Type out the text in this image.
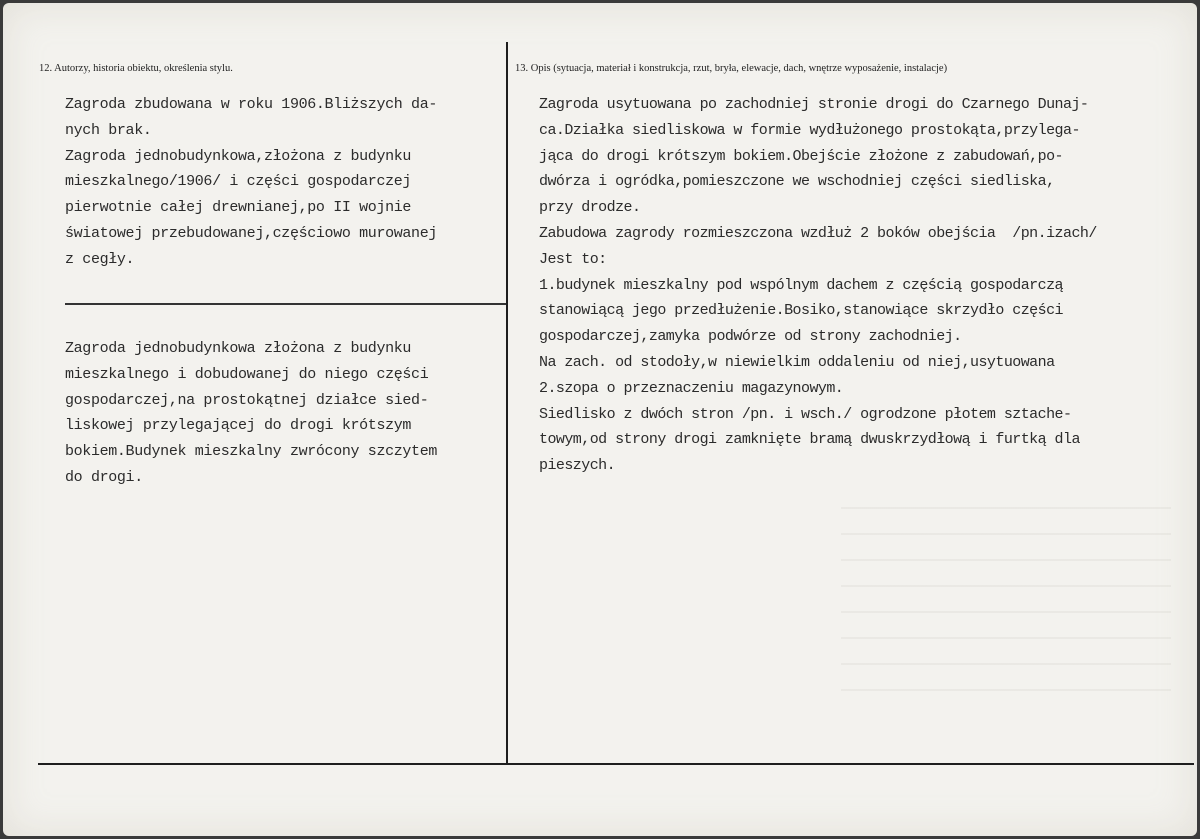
12. Autorzy, historia obiektu, określenia stylu.	13. Opis (sytuacja, materiał i konstrukcja, rzut, bryła, elewacje, dach, wnętrze wyposażenie, instalacje)
Zagroda zbudowana w roku 1906.Bliższych da-
nych brak.
Zagroda jednobudynkowa,złożona z budynku
mieszkalnego/1906/ i części gospodarczej
pierwotnie całej drewnianej,po II wojnie
światowej przebudowanej,częściowo murowanej
z cegły.
Zagroda jednobudynkowa złożona z budynku
mieszkalnego i dobudowanej do niego części
gospodarczej,na prostokątnej działce sied-
liskowej przylegającej do drogi krótszym
bokiem.Budynek mieszkalny zwrócony szczytem
do drogi.
Zagroda usytuowana po zachodniej stronie drogi do Czarnego Dunaj-
ca.Działka siedliskowa w formie wydłużonego prostokąta,przylega-
jąca do drogi krótszym bokiem.Obejście złożone z zabudowań,po-
dwórza i ogródka,pomieszczone we wschodniej części siedliska,
przy drodze.
Zabudowa zagrody rozmieszczona wzdłuż 2 boków obejścia  /pn.izach/
Jest to:
1.budynek mieszkalny pod wspólnym dachem z częścią gospodarczą
stanowiącą jego przedłużenie.Bosiko,stanowiące skrzydło części
gospodarczej,zamyka podwórze od strony zachodniej.
Na zach. od stodoły,w niewielkim oddaleniu od niej,usytuowana
2.szopa o przeznaczeniu magazynowym.
Siedlisko z dwóch stron /pn. i wsch./ ogrodzone płotem sztache-
towym,od strony drogi zamknięte bramą dwuskrzydłową i furtką dla
pieszych.
